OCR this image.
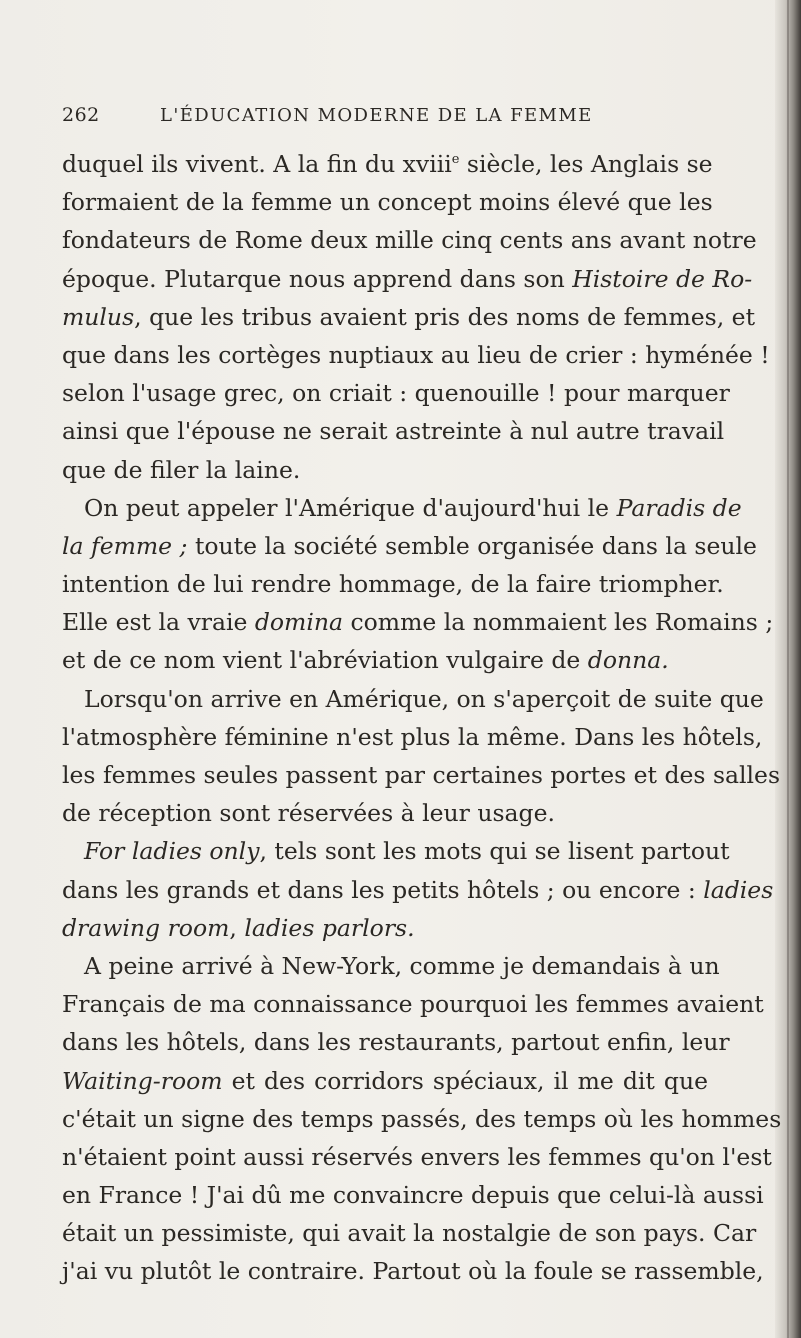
262	L'ÉDUCATION MODERNE DE LA FEMME
duquel ils vivent. A la fin du xviii$^e$ siècle, les Anglais se
formaient de la femme un concept moins élevé que les
fondateurs de Rome deux mille cinq cents ans avant notre
époque. Plutarque nous apprend dans son Histoire de Ro-
mulus, que les tribus avaient pris des noms de femmes, et
que dans les cortèges nuptiaux au lieu de crier : hyménée !
selon l'usage grec, on criait : quenouille ! pour marquer
ainsi que l'épouse ne serait astreinte à nul autre travail
que de filer la laine.
On peut appeler l'Amérique d'aujourd'hui le Paradis de
la femme ; toute la société semble organisée dans la seule
intention de lui rendre hommage, de la faire triompher.
Elle est la vraie domina comme la nommaient les Romains ;
et de ce nom vient l'abréviation vulgaire de donna.
Lorsqu'on arrive en Amérique, on s'aperçoit de suite que
l'atmosphère féminine n'est plus la même. Dans les hôtels,
les femmes seules passent par certaines portes et des salles
de réception sont réservées à leur usage.
For ladies only, tels sont les mots qui se lisent partout
dans les grands et dans les petits hôtels ; ou encore : ladies
drawing room, ladies parlors.
A peine arrivé à New-York, comme je demandais à un
Français de ma connaissance pourquoi les femmes avaient
dans les hôtels, dans les restaurants, partout enfin, leur
Waiting-room et des corridors spéciaux, il me dit que
c'était un signe des temps passés, des temps où les hommes
n'étaient point aussi réservés envers les femmes qu'on l'est
en France ! J'ai dû me convaincre depuis que celui-là aussi
était un pessimiste, qui avait la nostalgie de son pays. Car
j'ai vu plutôt le contraire. Partout où la foule se rassemble,
